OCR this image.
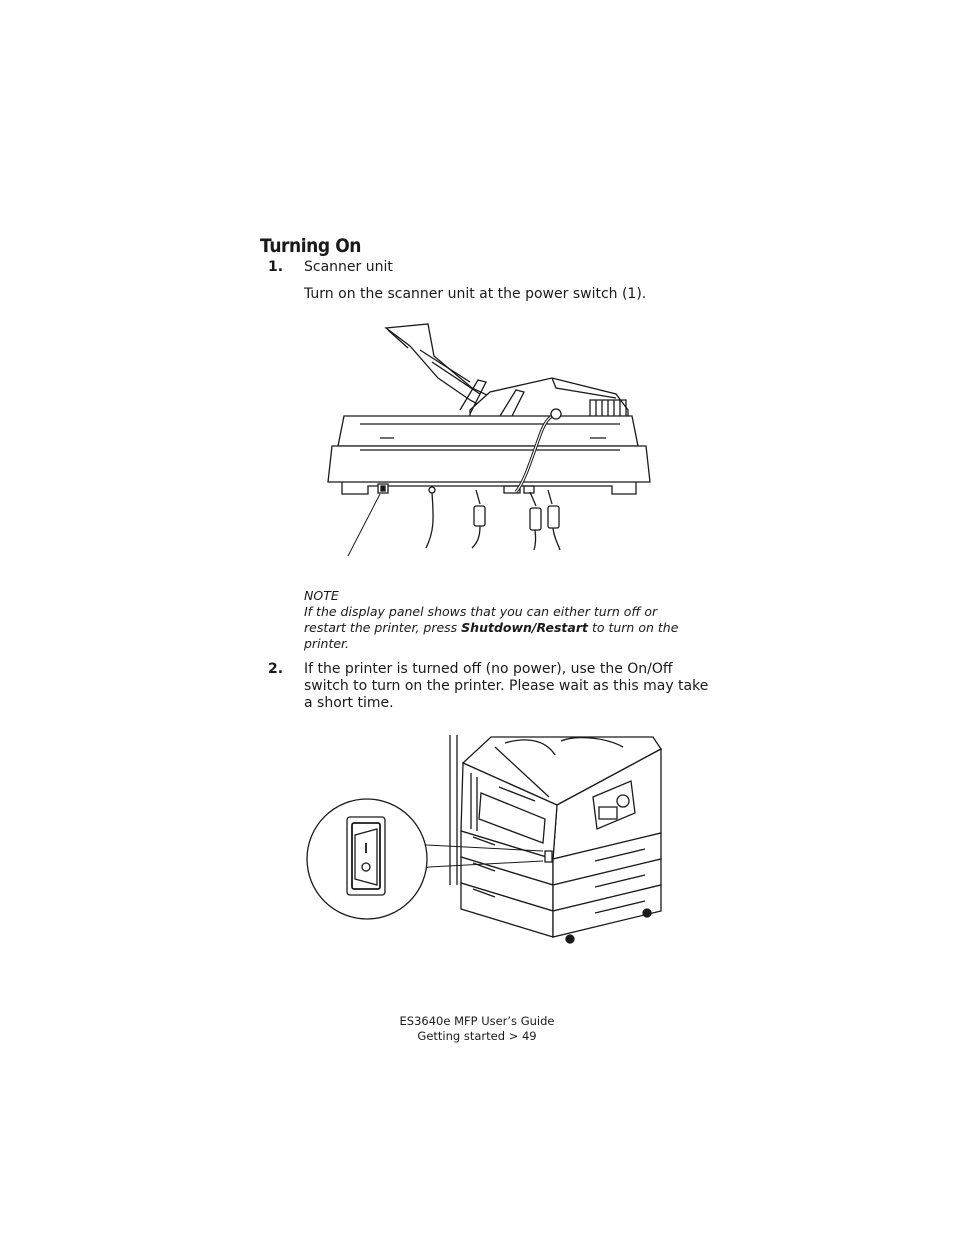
Turning On
1. Scanner unit
Turn on the scanner unit at the power switch (1).
NOTE
If the display panel shows that you can either turn off or restart the printer, press Shutdown/Restart to turn on the printer.
2. If the printer is turned off (no power), use the On/Off switch to turn on the printer. Please wait as this may take a short time.
ES3640e MFP User’s Guide
Getting started > 49
